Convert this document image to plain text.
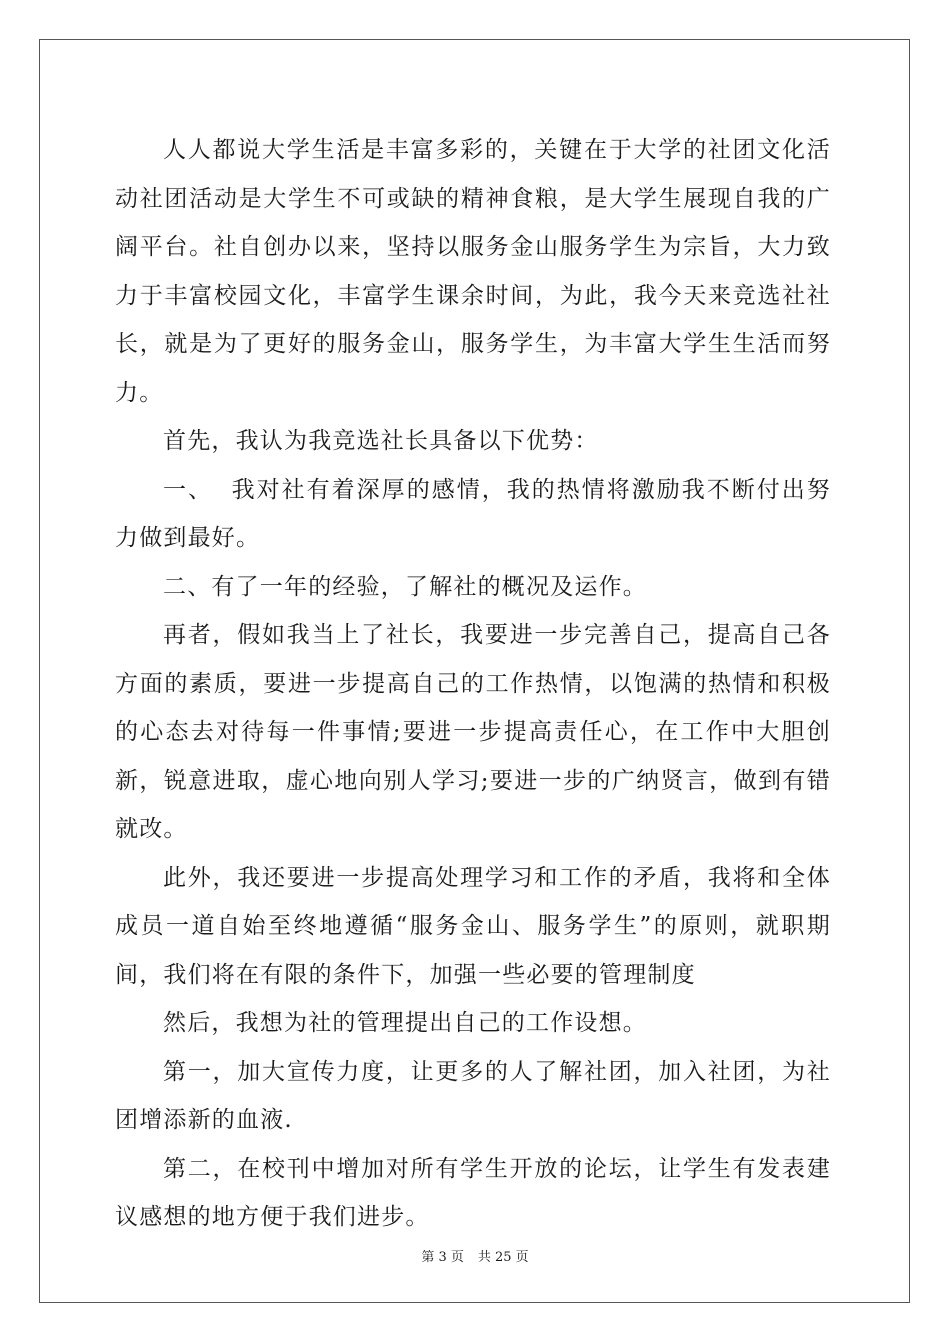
人人都说大学生活是丰富多彩的，关键在于大学的社团文化活动社团活动是大学生不可或缺的精神食粮，是大学生展现自我的广阔平台。社自创办以来，坚持以服务金山服务学生为宗旨，大力致力于丰富校园文化，丰富学生课余时间，为此，我今天来竞选社社长，就是为了更好的服务金山，服务学生，为丰富大学生生活而努力。

首先，我认为我竞选社长具备以下优势：

一、  我对社有着深厚的感情，我的热情将激励我不断付出努力做到最好。

二、有了一年的经验，了解社的概况及运作。

再者，假如我当上了社长，我要进一步完善自己，提高自己各方面的素质，要进一步提高自己的工作热情，以饱满的热情和积极的心态去对待每一件事情;要进一步提高责任心，在工作中大胆创新，锐意进取，虚心地向别人学习;要进一步的广纳贤言，做到有错就改。

此外，我还要进一步提高处理学习和工作的矛盾，我将和全体成员一道自始至终地遵循“服务金山、服务学生”的原则，就职期间，我们将在有限的条件下，加强一些必要的管理制度

然后，我想为社的管理提出自己的工作设想。

第一，加大宣传力度，让更多的人了解社团，加入社团，为社团增添新的血液.

第二，在校刊中增加对所有学生开放的论坛，让学生有发表建议感想的地方便于我们进步。

第 3 页 共 25 页
